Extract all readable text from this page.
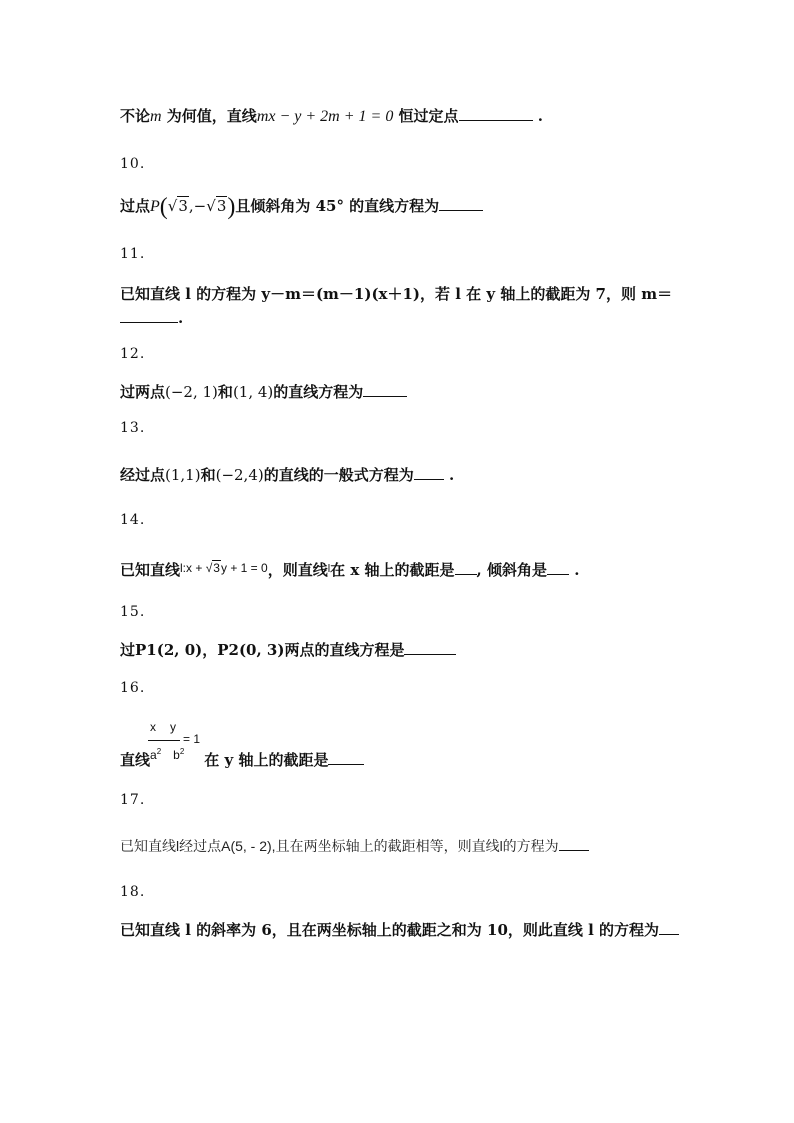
不论m 为何值，直线mx − y + 2m + 1 = 0 恒过定点	.
10.
过点P(√3,−√3)且倾斜角为 45° 的直线方程为
11.
已知直线 l 的方程为 y－m＝(m－1)(x＋1)，若 l 在 y 轴上的截距为 7，则 m＝
.
12.
过两点(−2, 1)和(1, 4)的直线方程为
13.
经过点(1,1)和(−2,4)的直线的一般式方程为 .
14.
已知直线$^{l:x + √3y + 1 = 0}$，则直线$^l$在 x 轴上的截距是 , 倾斜角是 .
15.
过P1(2, 0)，P2(0, 3)两点的直线方程是
16.
x y
= 1
直线$^{a^2}$ $^{b^2}$ 在 y 轴上的截距是
17.
已知直线l经过点A(5, - 2),且在两坐标轴上的截距相等，则直线l的方程为
18.
已知直线 l 的斜率为 6，且在两坐标轴上的截距之和为 10，则此直线 l 的方程为
